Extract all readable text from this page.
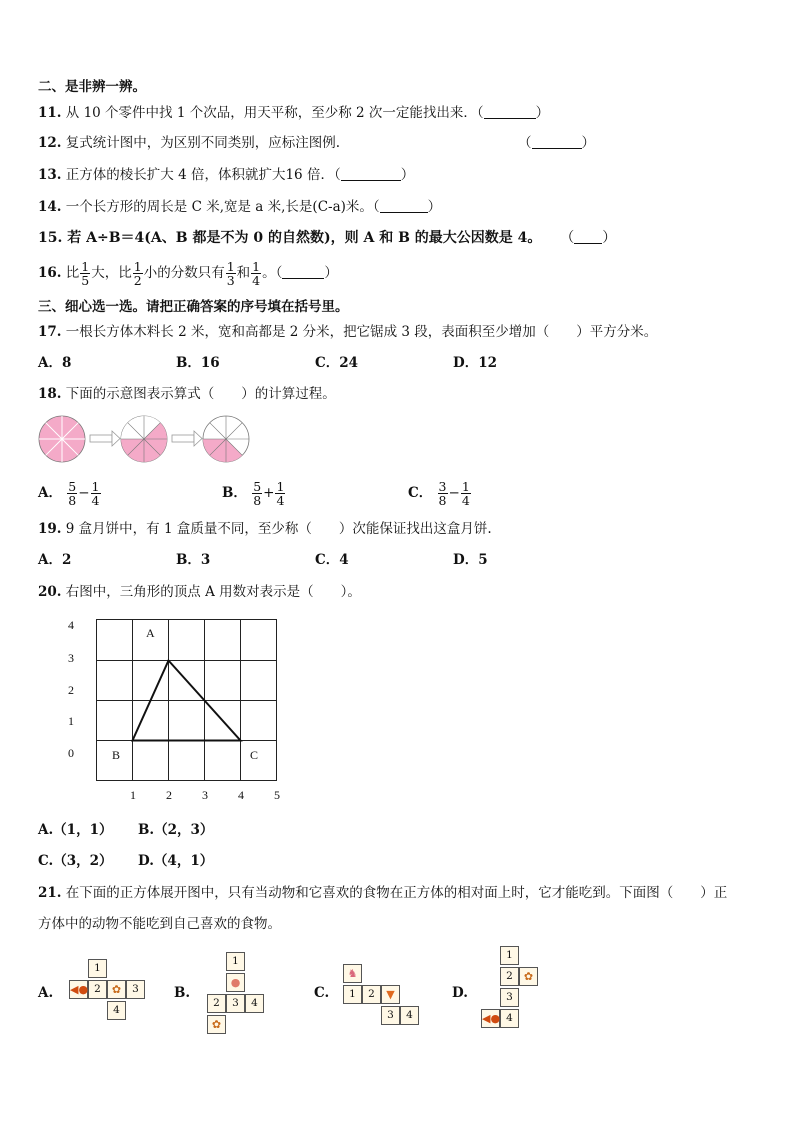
二、是非辨一辨。
11. 从 10 个零件中找 1 个次品，用天平称，至少称 2 次一定能找出来．（	）
12. 复式统计图中，为区别不同类别，应标注图例.	（	）
13. 正方体的棱长扩大 4 倍，体积就扩大16 倍．（	）
14. 一个长方形的周长是 C 米,宽是 a 米,长是(C-a)米。（	）
15. 若 A÷B＝4(A、B 都是不为 0 的自然数)，则 A 和 B 的最大公因数是 4。 （ ）
16. 比 $\frac{1}{5}$ 大，比 $\frac{1}{2}$ 小的分数只有 $\frac{1}{3}$ 和 $\frac{1}{4}$ 。（	）
三、细心选一选。请把正确答案的序号填在括号里。
17. 一根长方体木料长 2 米，宽和高都是 2 分米，把它锯成 3 段，表面积至少增加（　　）平方分米。
A．8	B．16	C．24	D．12
18. 下面的示意图表示算式（　　）的计算过程。
A． $\frac{5}{8} - \frac{1}{4}$	B． $\frac{5}{8} + \frac{1}{4}$	C． $\frac{3}{8} - \frac{1}{4}$
19. 9 盒月饼中，有 1 盒质量不同，至少称（　　）次能保证找出这盒月饼.
A．2	B．3	C．4	D．5
20. 右图中，三角形的顶点 A 用数对表示是（　　）。
A
B	C
4
3
2
1
0
1	2	3	4	5
A.（1，1） B.（2，3）
C.（3，2） D.（4，1）
21. 在下面的正方体展开图中，只有当动物和它喜欢的食物在正方体的相对面上时，它才能吃到。下面图（　　）正
方体中的动物不能吃到自己喜欢的食物。
A.
1
◀● 2	✿	3
4
B.
1
●
2	3	4
✿
C.
♞
1	2	▼
3	4
D.
1
2	✿
3
◀● 4
